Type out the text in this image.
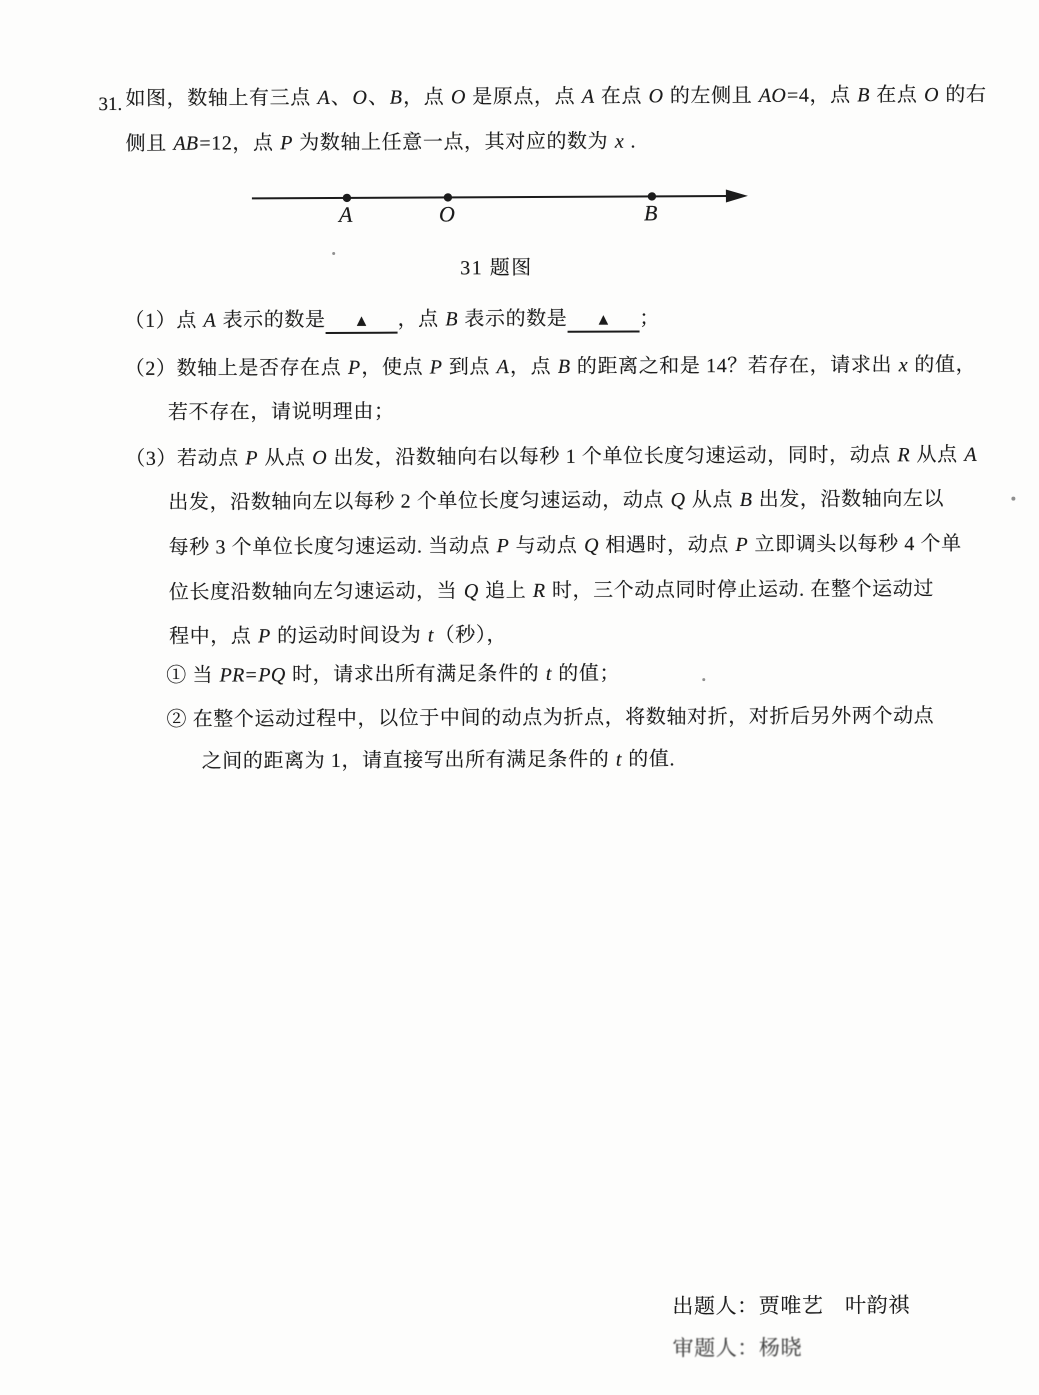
31. 如图，数轴上有三点 A、O、B，点 O 是原点，点 A 在点 O 的左侧且 AO=4，点 B 在点 O 的右
侧且 AB=12，点 P 为数轴上任意一点，其对应的数为 x .
A	O	B
31 题图
（1）点 A 表示的数是 ▲ ，点 B 表示的数是 ▲ ；
（2）数轴上是否存在点 P，使点 P 到点 A，点 B 的距离之和是 14？若存在，请求出 x 的值，
若不存在，请说明理由；
（3）若动点 P 从点 O 出发，沿数轴向右以每秒 1 个单位长度匀速运动，同时，动点 R 从点 A
出发，沿数轴向左以每秒 2 个单位长度匀速运动，动点 Q 从点 B 出发，沿数轴向左以
每秒 3 个单位长度匀速运动. 当动点 P 与动点 Q 相遇时，动点 P 立即调头以每秒 4 个单
位长度沿数轴向左匀速运动，当 Q 追上 R 时，三个动点同时停止运动. 在整个运动过
程中，点 P 的运动时间设为 t（秒），
① 当 PR=PQ 时，请求出所有满足条件的 t 的值；
② 在整个运动过程中，以位于中间的动点为折点，将数轴对折，对折后另外两个动点
之间的距离为 1，请直接写出所有满足条件的 t 的值.
出题人：贾唯艺　叶韵祺
审题人：杨晓
